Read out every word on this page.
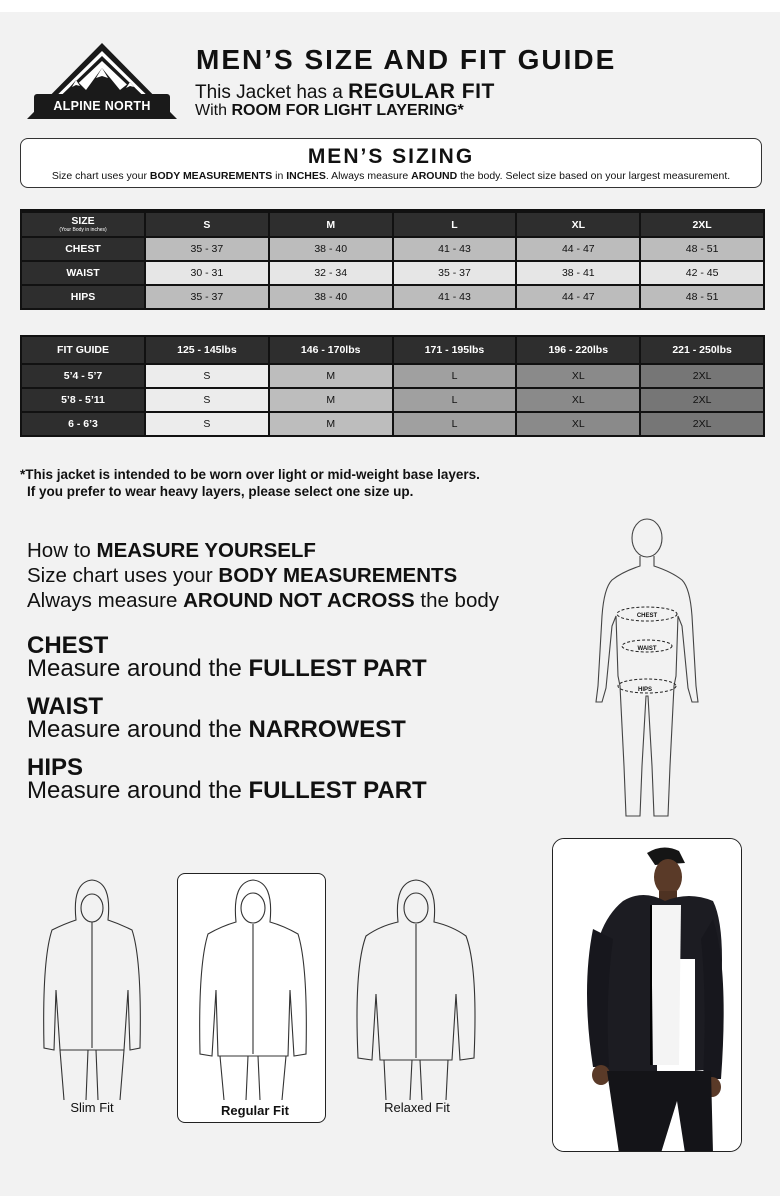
ALPINE NORTH
MEN’S SIZE AND FIT GUIDE
This Jacket has a REGULAR FIT
With ROOM FOR LIGHT LAYERING*
MEN’S SIZING
Size chart uses your BODY MEASUREMENTS in INCHES. Always measure AROUND the body. Select size based on your largest measurement.
SIZE
(Your Body in inches)	S	M	L	XL	2XL
CHEST	35 - 37	38 - 40	41 - 43	44 - 47	48 - 51
WAIST	30 - 31	32 - 34	35 - 37	38 - 41	42 - 45
HIPS	35 - 37	38 - 40	41 - 43	44 - 47	48 - 51
FIT GUIDE	125 - 145lbs	146 - 170lbs	171 - 195lbs	196 - 220lbs	221 - 250lbs
5’4 - 5’7	S	M	L	XL	2XL
5’8 - 5’11	S	M	L	XL	2XL
6 - 6’3	S	M	L	XL	2XL
*This jacket is intended to be worn over light or mid-weight base layers.
If you prefer to wear heavy layers, please select one size up.
How to MEASURE YOURSELF
Size chart uses your BODY MEASUREMENTS
Always measure AROUND NOT ACROSS the body
CHEST
Measure around the FULLEST PART
WAIST
Measure around the NARROWEST
HIPS
Measure around the FULLEST PART
CHEST
WAIST
HIPS
Slim Fit	Regular Fit	Relaxed Fit
